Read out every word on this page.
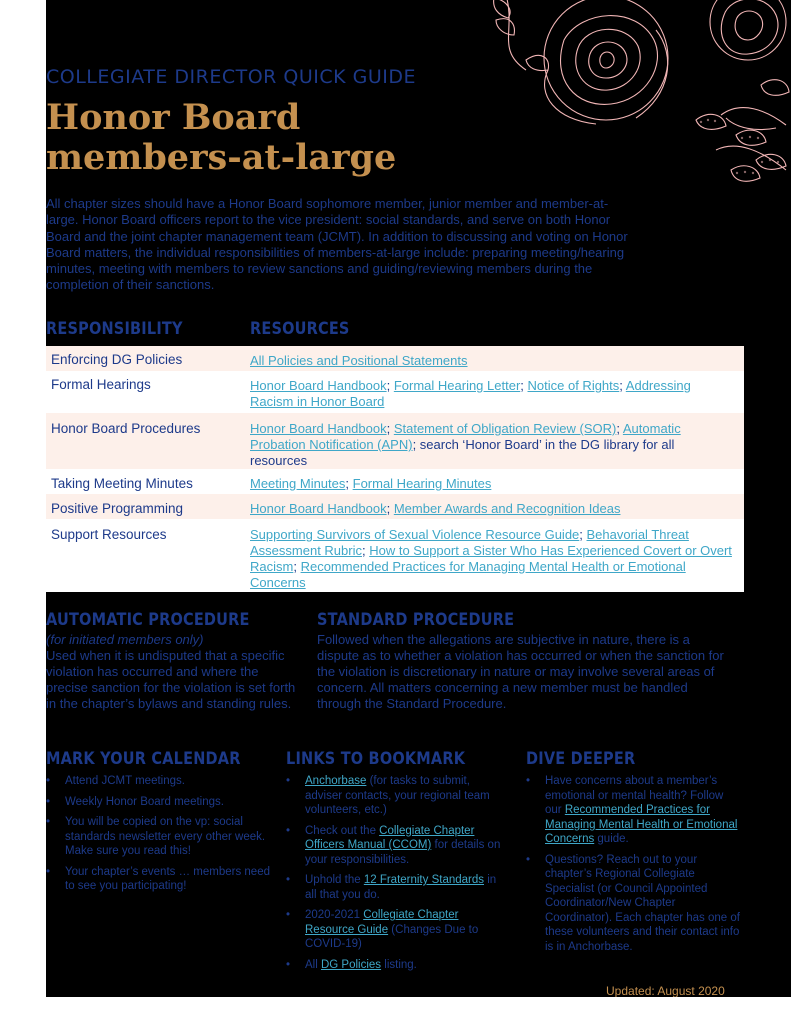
COLLEGIATE DIRECTOR QUICK GUIDE
Honor Board
members-at-large
All chapter sizes should have a Honor Board sophomore member, junior member and member-at-large. Honor Board officers report to the vice president: social standards, and serve on both Honor Board and the joint chapter management team (JCMT). In addition to discussing and voting on Honor Board matters, the individual responsibilities of members-at-large include: preparing meeting/hearing minutes, meeting with members to review sanctions and guiding/reviewing members during the completion of their sanctions.
RESPONSIBILITY	RESOURCES
Enforcing DG Policies	All Policies and Positional Statements
Formal Hearings	Honor Board Handbook; Formal Hearing Letter; Notice of Rights; Addressing Racism in Honor Board
Honor Board Procedures	Honor Board Handbook; Statement of Obligation Review (SOR); Automatic Probation Notification (APN); search ‘Honor Board’ in the DG library for all resources
Taking Meeting Minutes	Meeting Minutes; Formal Hearing Minutes
Positive Programming	Honor Board Handbook; Member Awards and Recognition Ideas
Support Resources	Supporting Survivors of Sexual Violence Resource Guide; Behavorial Threat Assessment Rubric; How to Support a Sister Who Has Experienced Covert or Overt Racism; Recommended Practices for Managing Mental Health or Emotional Concerns
AUTOMATIC PROCEDURE
(for initiated members only)
Used when it is undisputed that a specific violation has occurred and where the precise sanction for the violation is set forth in the chapter’s bylaws and standing rules.
STANDARD PROCEDURE
Followed when the allegations are subjective in nature, there is a dispute as to whether a violation has occurred or when the sanction for the violation is discretionary in nature or may involve several areas of concern. All matters concerning a new member must be handled through the Standard Procedure.
MARK YOUR CALENDAR
• Attend JCMT meetings.
• Weekly Honor Board meetings.
• You will be copied on the vp: social standards newsletter every other week. Make sure you read this!
• Your chapter’s events … members need to see you participating!
LINKS TO BOOKMARK
• Anchorbase (for tasks to submit, adviser contacts, your regional team volunteers, etc.)
• Check out the Collegiate Chapter Officers Manual (CCOM) for details on your responsibilities.
• Uphold the 12 Fraternity Standards in all that you do.
• 2020-2021 Collegiate Chapter Resource Guide (Changes Due to COVID-19)
• All DG Policies listing.
DIVE DEEPER
• Have concerns about a member’s emotional or mental health? Follow our Recommended Practices for Managing Mental Health or Emotional Concerns guide.
• Questions? Reach out to your chapter’s Regional Collegiate Specialist (or Council Appointed Coordinator/New Chapter Coordinator). Each chapter has one of these volunteers and their contact info is in Anchorbase.
Updated: August 2020
